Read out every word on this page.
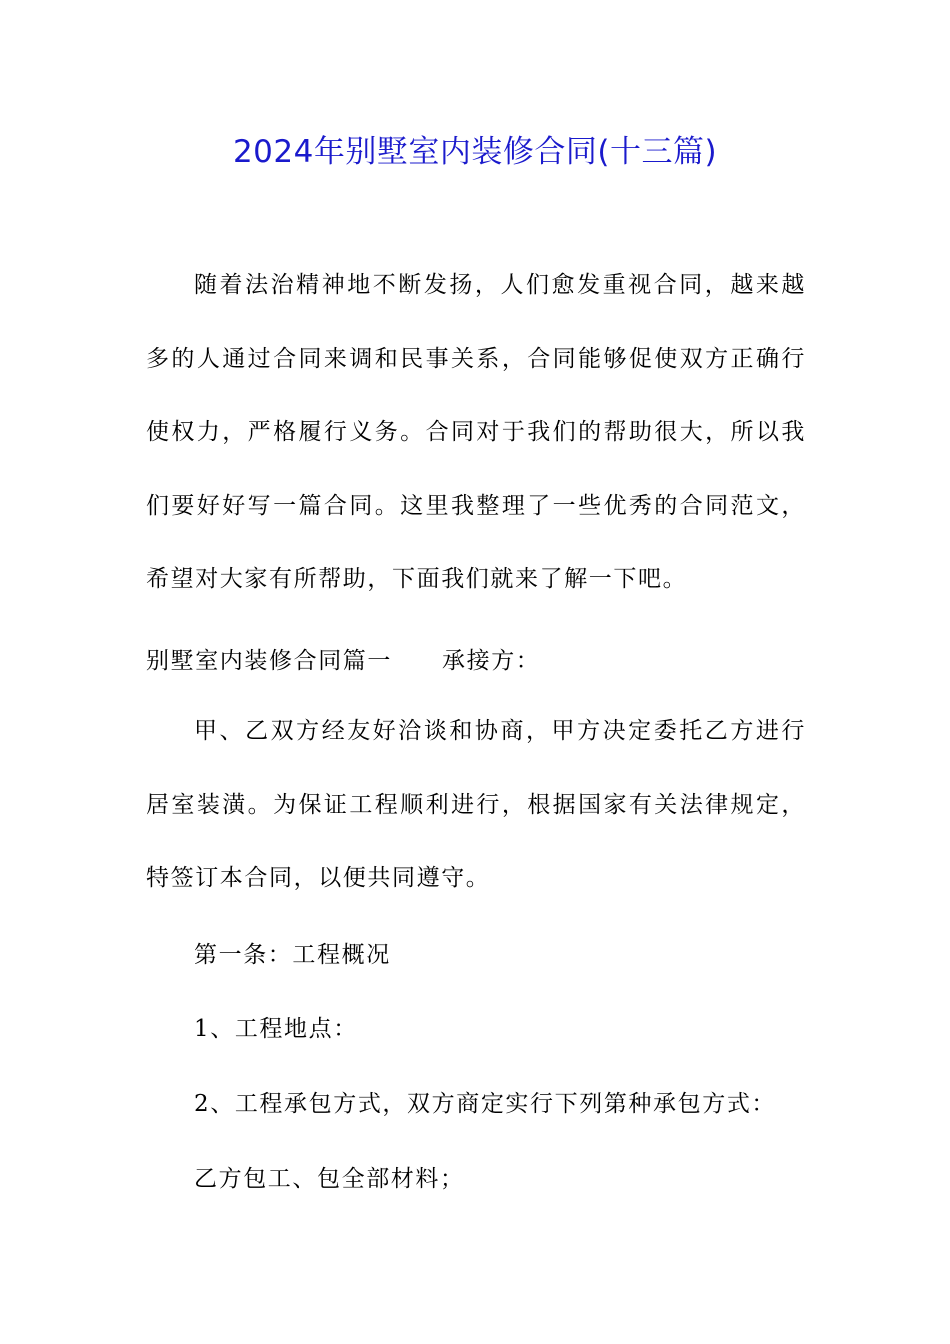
2024年别墅室内装修合同(十三篇)

随着法治精神地不断发扬，人们愈发重视合同，越来越多的人通过合同来调和民事关系，合同能够促使双方正确行使权力，严格履行义务。合同对于我们的帮助很大，所以我们要好好写一篇合同。这里我整理了一些优秀的合同范文，希望对大家有所帮助，下面我们就来了解一下吧。

别墅室内装修合同篇一 承接方：

甲、乙双方经友好洽谈和协商，甲方决定委托乙方进行居室装潢。为保证工程顺利进行，根据国家有关法律规定，特签订本合同，以便共同遵守。

第一条：工程概况
1、工程地点：
2、工程承包方式，双方商定实行下列第种承包方式：
乙方包工、包全部材料；
